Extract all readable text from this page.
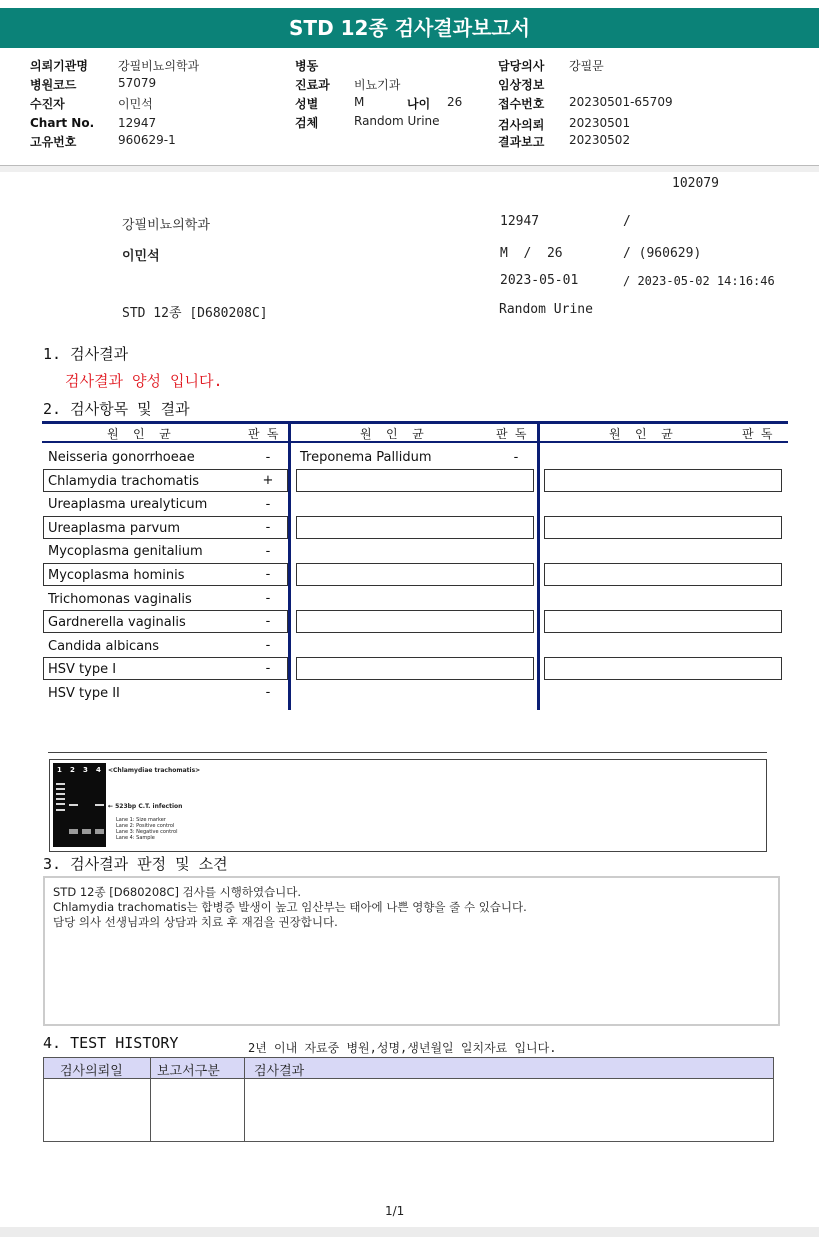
STD 12종 검사결과보고서
의뢰기관명	강필비뇨의학과
병원코드	57079
수진자	이민석
Chart No. 12947
고유번호	960629-1
병동
진료과 비뇨기과
성별	M	나이 26
검체	Random Urine
담당의사 강필문
임상정보
접수번호 20230501-65709
검사의뢰 20230501
결과보고 20230502
102079
강필비뇨의학과	12947	/
이민석	M  /  26	/ (960629)
2023-05-01	/ 2023-05-02 14:16:46
STD 12종 [D680208C]	Random Urine
1. 검사결과
검사결과 양성 입니다.
2. 검사항목 및 결과
원  인  균	판 독	원  인  균	판 독	원  인  균	판 독
Neisseria gonorrhoeae	-
Chlamydia trachomatis	+
Ureaplasma urealyticum	-
Ureaplasma parvum	-
Mycoplasma genitalium	-
Mycoplasma hominis	-
Trichomonas vaginalis	-
Gardnerella vaginalis	-
Candida albicans	-
HSV type I	-
HSV type II	-
Treponema Pallidum	-
1 2 3 4 <Chlamydiae trachomatis>
← 523bp C.T. infection
Lane 1: Size marker
Lane 2: Positive control
Lane 3: Negative control
Lane 4: Sample
3. 검사결과 판정 및 소견
STD 12종 [D680208C] 검사를 시행하였습니다.
Chlamydia trachomatis는 합병증 발생이 높고 임산부는 태아에 나쁜 영향을 줄 수 있습니다.
담당 의사 선생님과의 상담과 치료 후 재검을 권장합니다.
4. TEST HISTORY	2년 이내 자료중 병원,성명,생년월일 일치자료 입니다.
검사의뢰일	보고서구분	검사결과
1/1
